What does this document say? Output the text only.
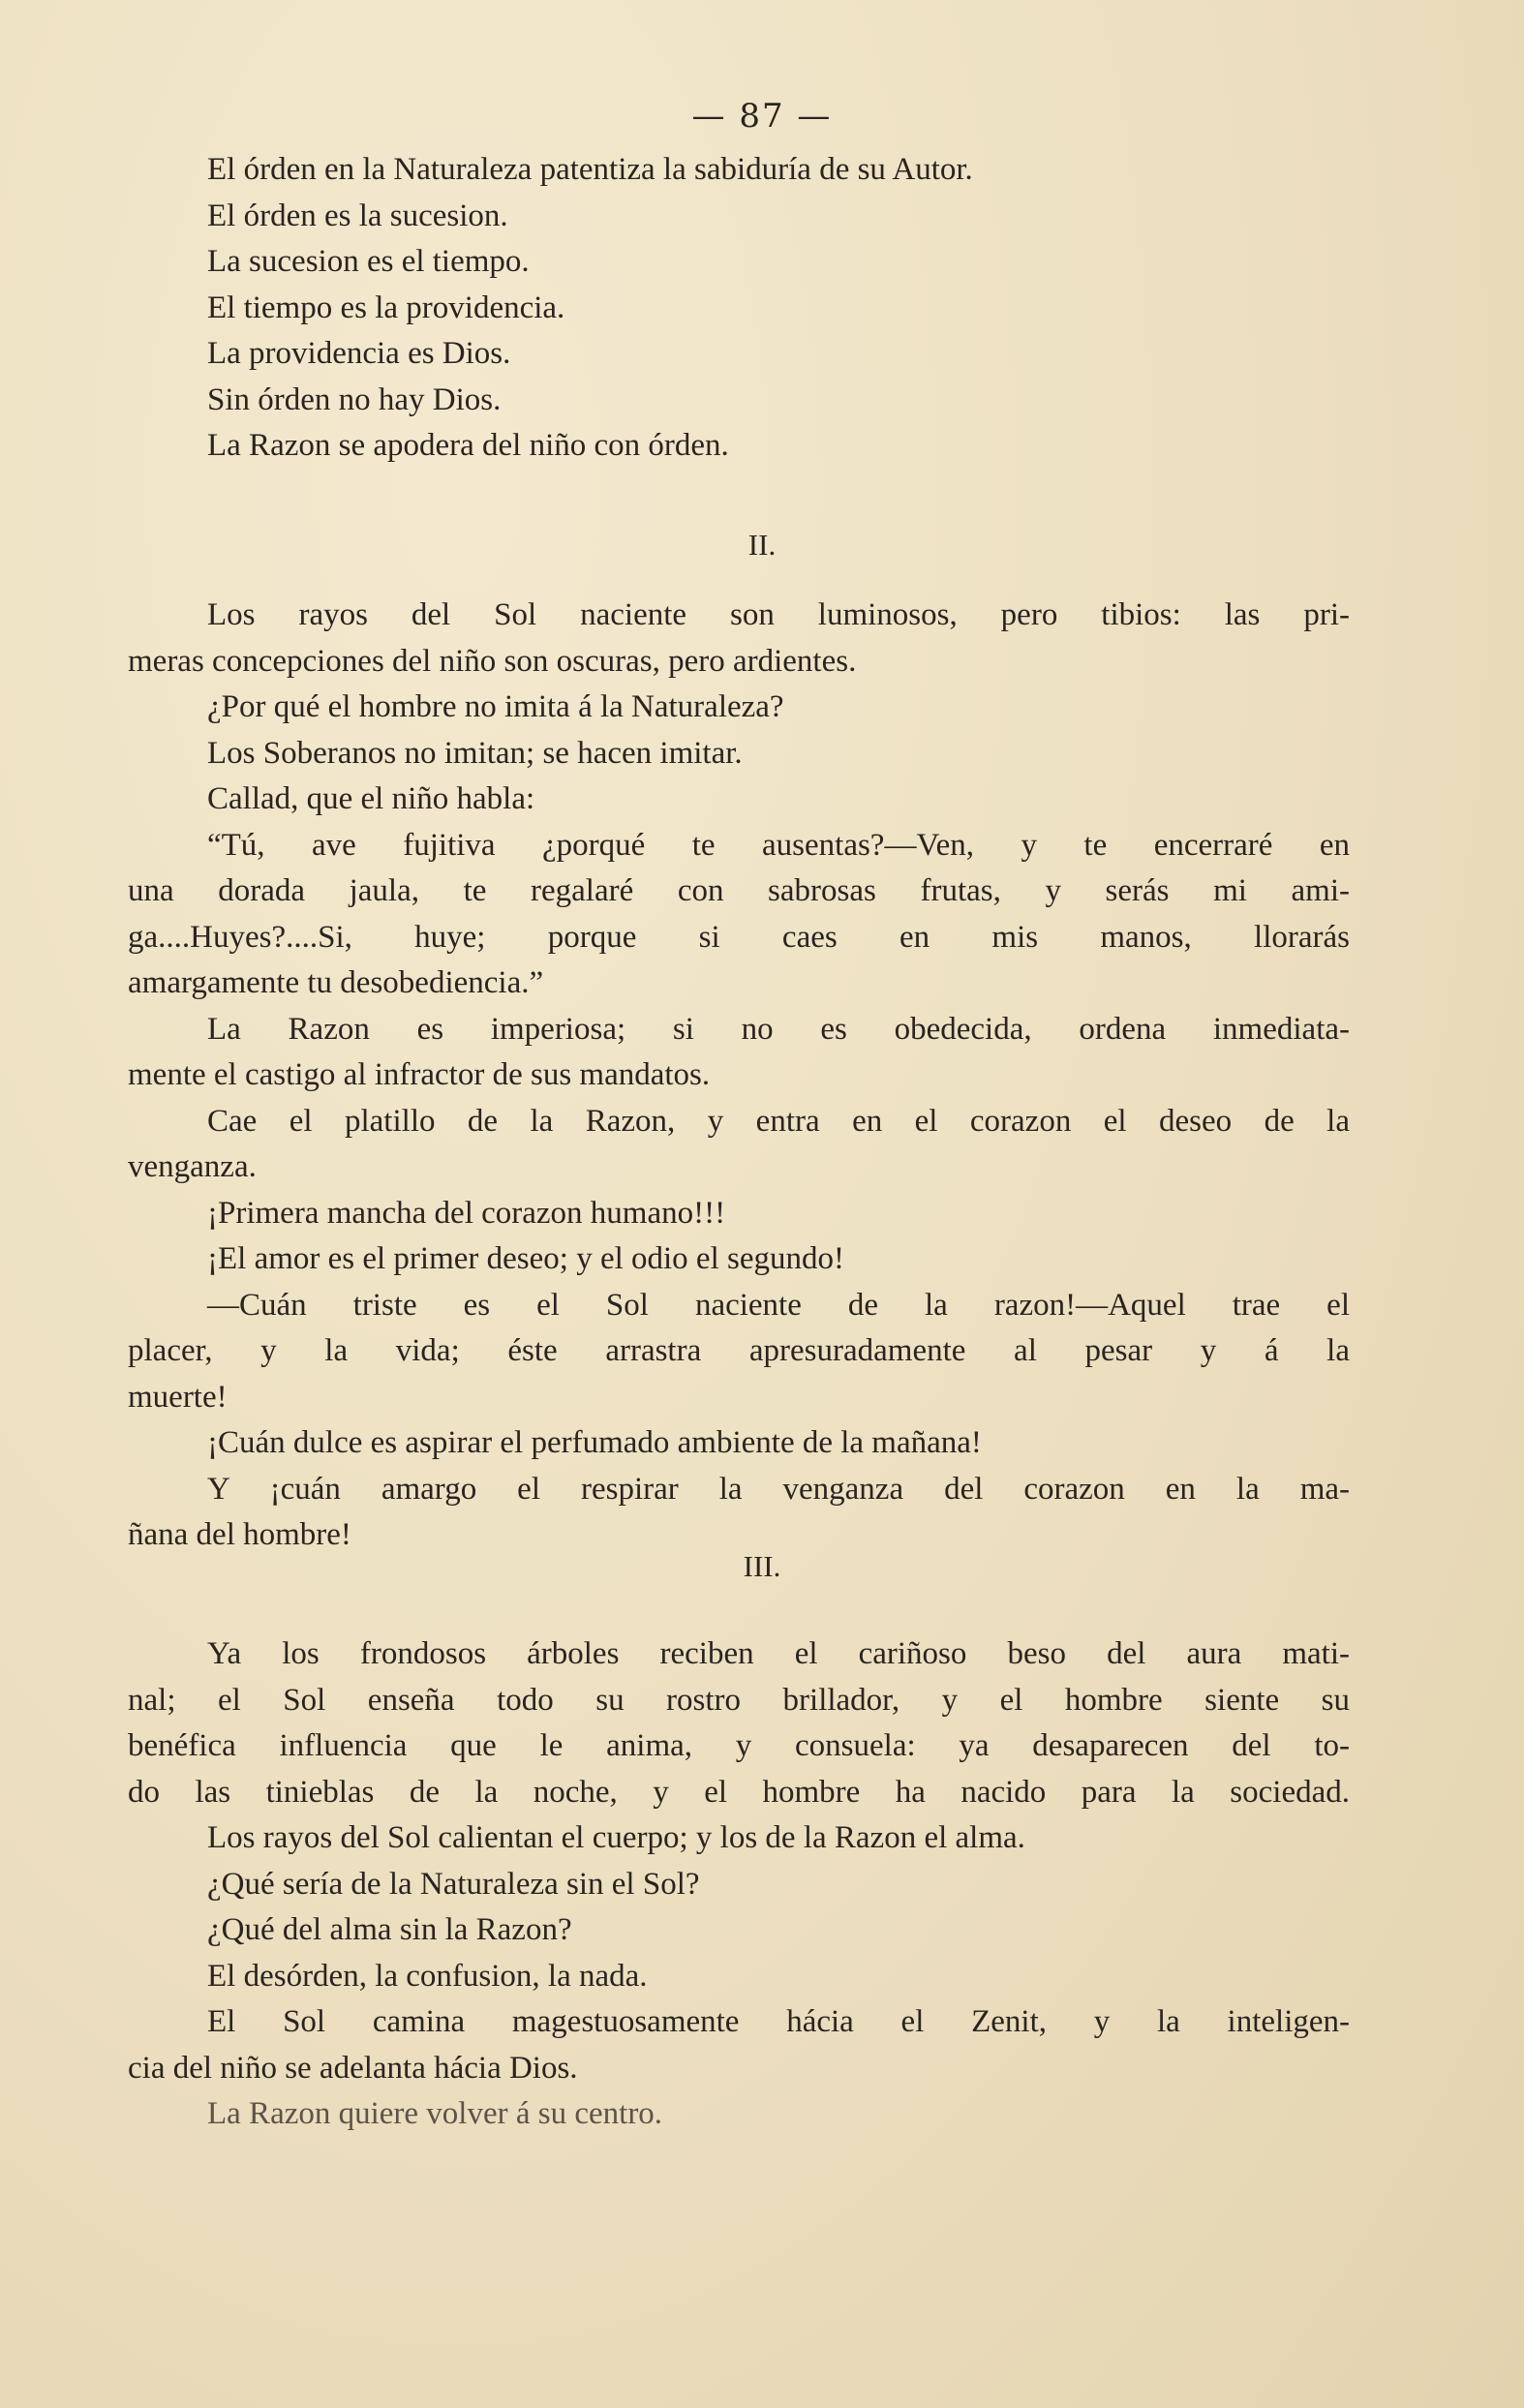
— 87 —
El órden en la Naturaleza patentiza la sabiduría de su Autor.
El órden es la sucesion.
La sucesion es el tiempo.
El tiempo es la providencia.
La providencia es Dios.
Sin órden no hay Dios.
La Razon se apodera del niño con órden.
II.
Los rayos del Sol naciente son luminosos, pero tibios: las pri-
meras concepciones del niño son oscuras, pero ardientes.
¿Por qué el hombre no imita á la Naturaleza?
Los Soberanos no imitan; se hacen imitar.
Callad, que el niño habla:
“Tú, ave fujitiva ¿porqué te ausentas?—Ven, y te encerraré en
una dorada jaula, te regalaré con sabrosas frutas, y serás mi ami-
ga....Huyes?....Si, huye; porque si caes en mis manos, llorarás
amargamente tu desobediencia.”
La Razon es imperiosa; si no es obedecida, ordena inmediata-
mente el castigo al infractor de sus mandatos.
Cae el platillo de la Razon, y entra en el corazon el deseo de la
venganza.
¡Primera mancha del corazon humano!!!
¡El amor es el primer deseo; y el odio el segundo!
—Cuán triste es el Sol naciente de la razon!—Aquel trae el
placer, y la vida; éste arrastra apresuradamente al pesar y á la
muerte!
¡Cuán dulce es aspirar el perfumado ambiente de la mañana!
Y ¡cuán amargo el respirar la venganza del corazon en la ma-
ñana del hombre!
III.
Ya los frondosos árboles reciben el cariñoso beso del aura mati-
nal; el Sol enseña todo su rostro brillador, y el hombre siente su
benéfica influencia que le anima, y consuela: ya desaparecen del to-
do las tinieblas de la noche, y el hombre ha nacido para la sociedad.
Los rayos del Sol calientan el cuerpo; y los de la Razon el alma.
¿Qué sería de la Naturaleza sin el Sol?
¿Qué del alma sin la Razon?
El desórden, la confusion, la nada.
El Sol camina magestuosamente hácia el Zenit, y la inteligen-
cia del niño se adelanta hácia Dios.
La Razon quiere volver á su centro.
